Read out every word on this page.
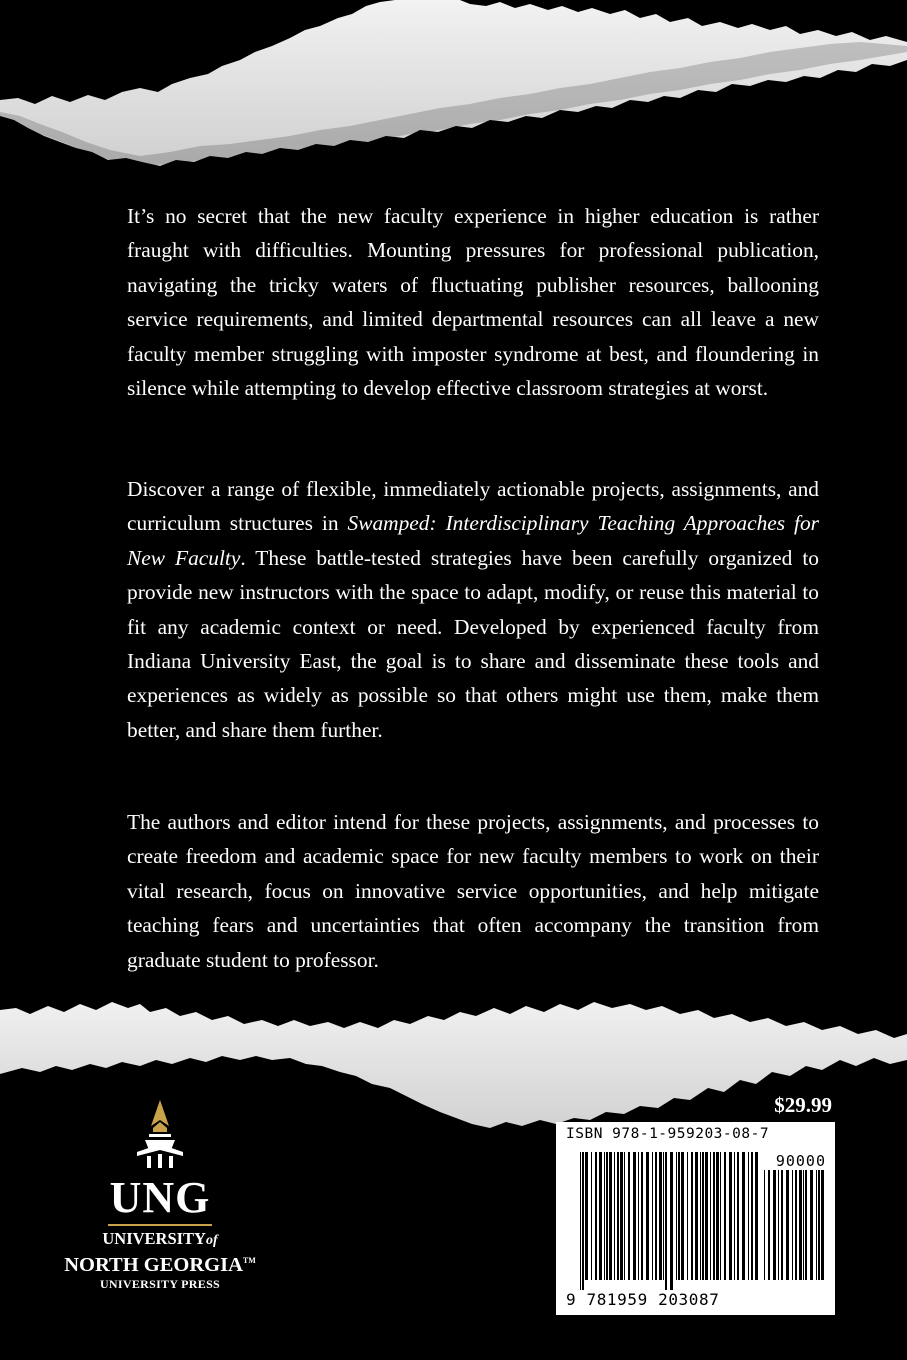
It’s no secret that the new faculty experience in higher education is rather fraught with difficulties. Mounting pressures for professional publication, navigating the tricky waters of fluctuating publisher resources, ballooning service requirements, and limited departmental resources can all leave a new faculty member struggling with imposter syndrome at best, and floundering in silence while attempting to develop effective classroom strategies at worst.

Discover a range of flexible, immediately actionable projects, assignments, and curriculum structures in Swamped: Interdisciplinary Teaching Approaches for New Faculty. These battle-tested strategies have been carefully organized to provide new instructors with the space to adapt, modify, or reuse this material to fit any academic context or need. Developed by experienced faculty from Indiana University East, the goal is to share and disseminate these tools and experiences as widely as possible so that others might use them, make them better, and share them further.

The authors and editor intend for these projects, assignments, and processes to create freedom and academic space for new faculty members to work on their vital research, focus on innovative service opportunities, and help mitigate teaching fears and uncertainties that often accompany the transition from graduate student to professor.

UNG
UNIVERSITYof
NORTH GEORGIA™
UNIVERSITY PRESS
$29.99
ISBN 978-1-959203-08-7
90000
9 781959 203087
